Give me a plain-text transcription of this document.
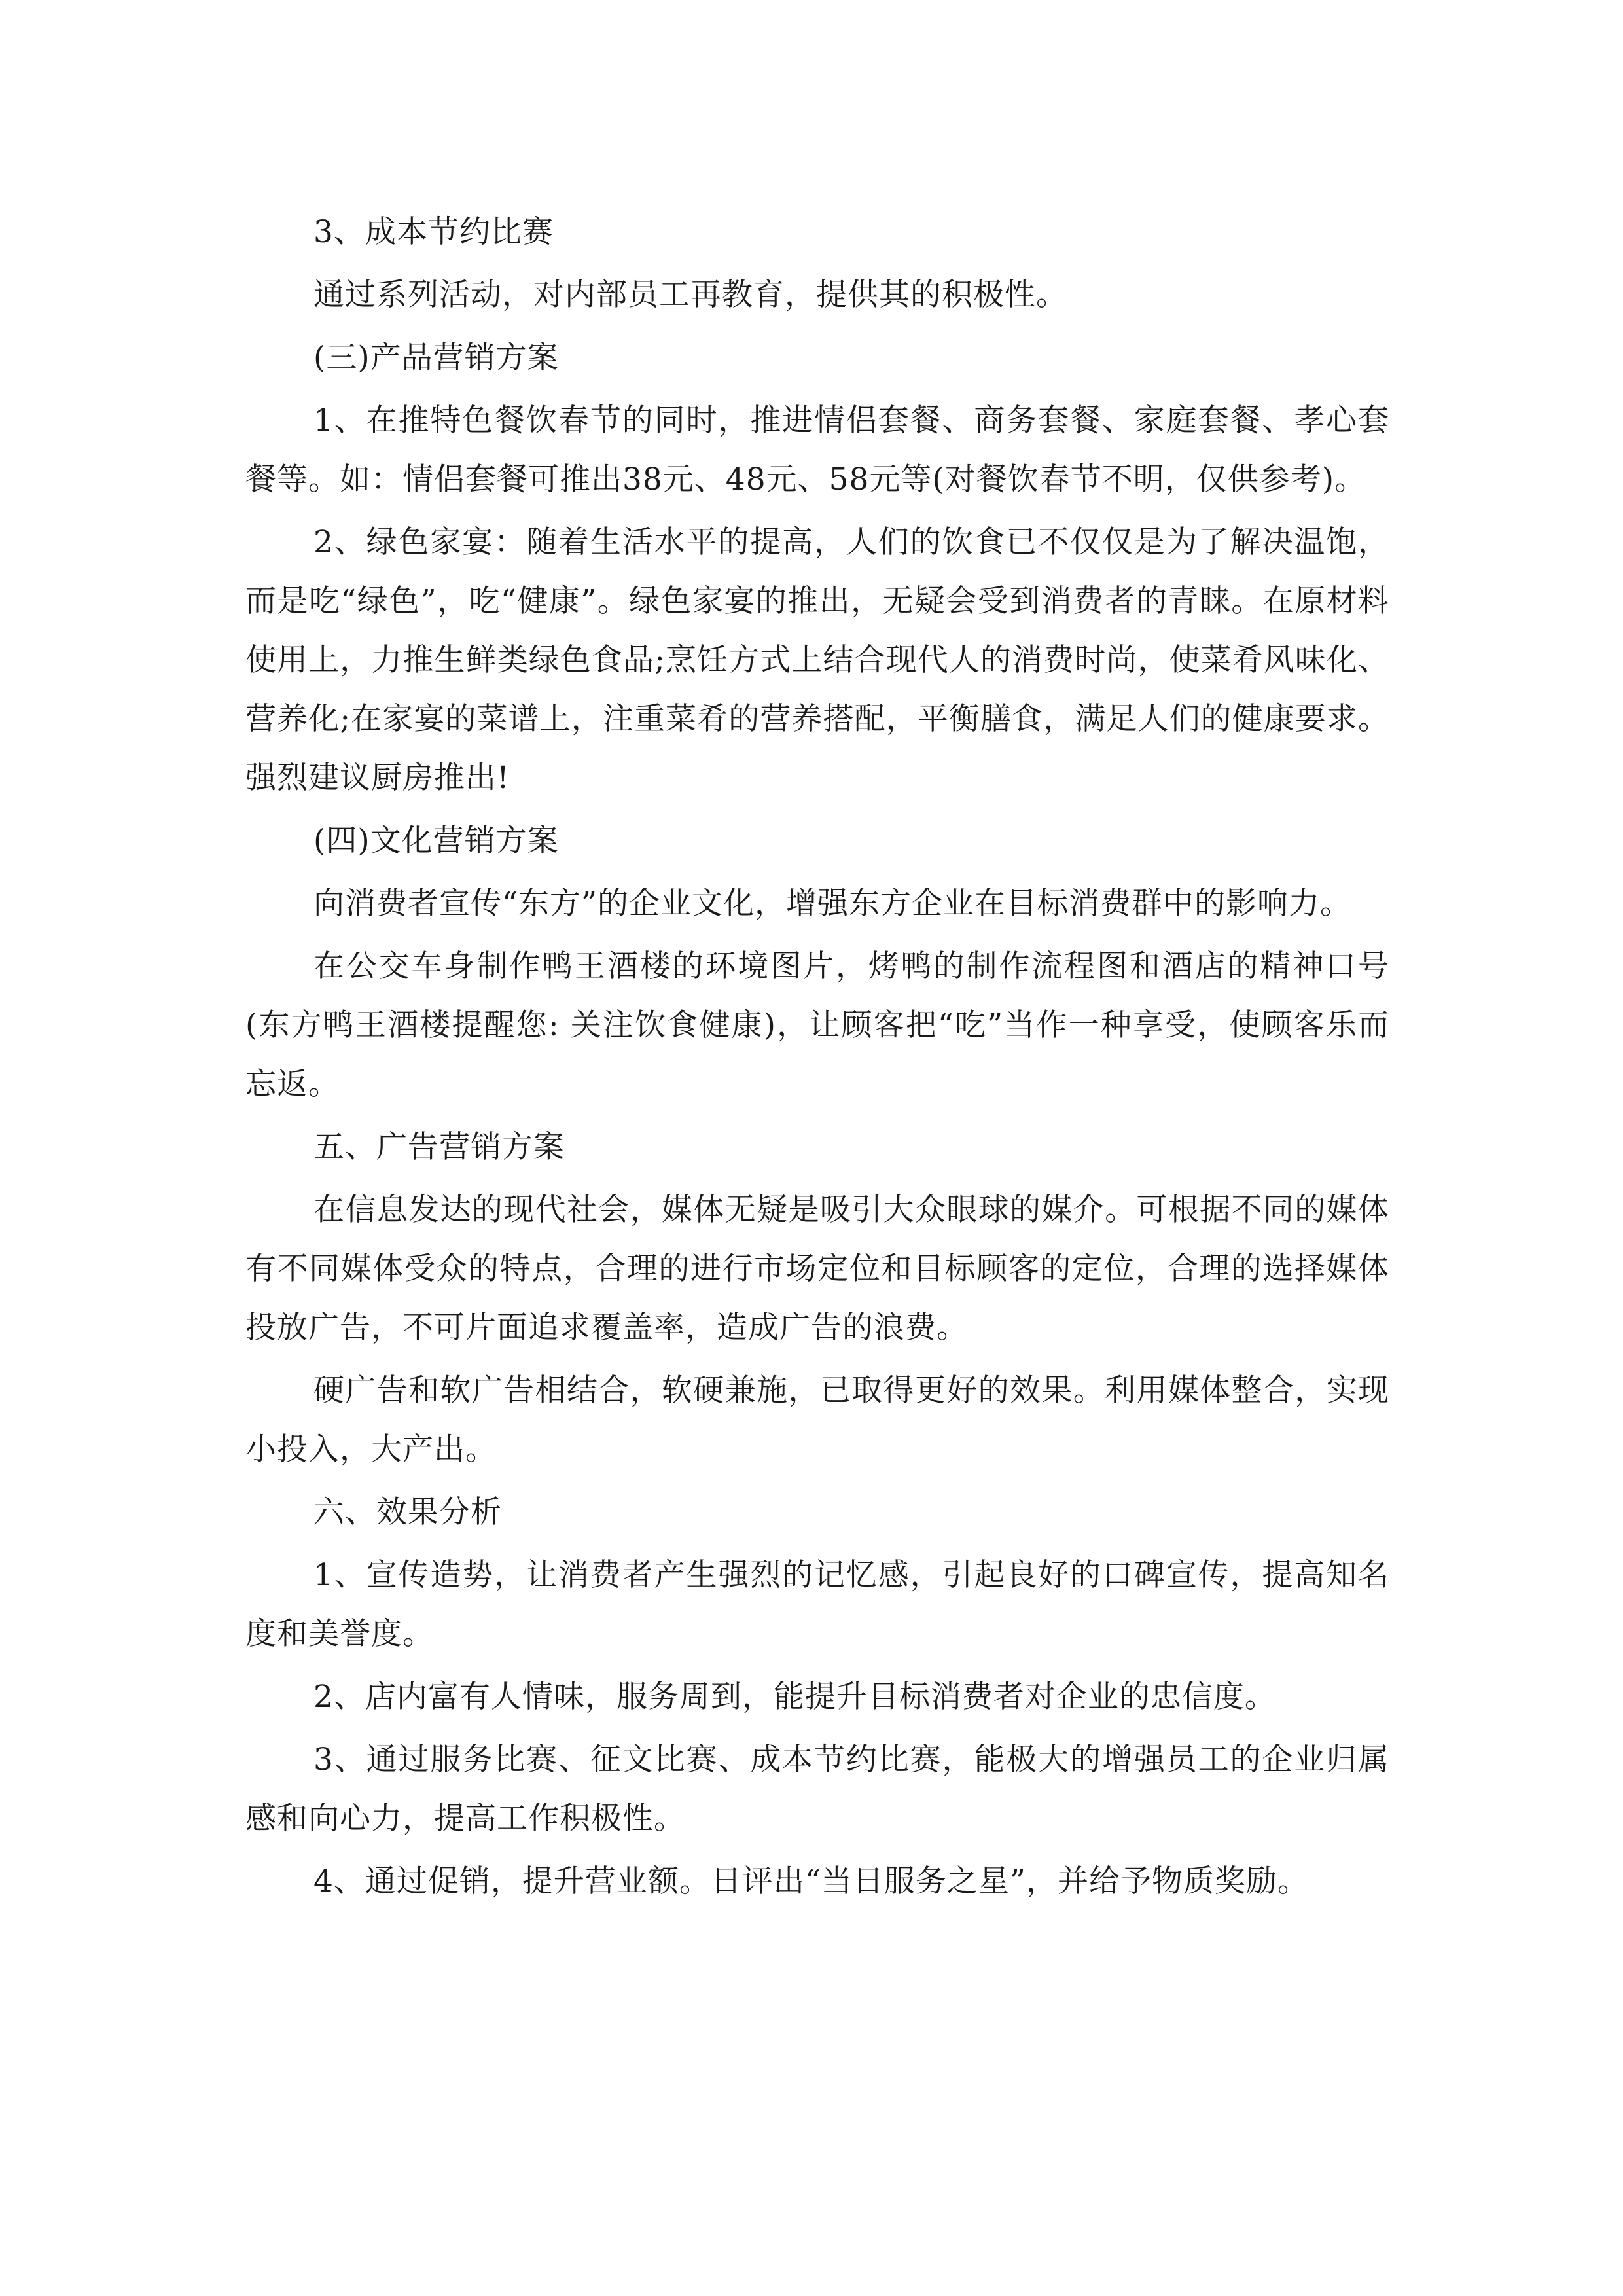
3、成本节约比赛

通过系列活动，对内部员工再教育，提供其的积极性。

(三)产品营销方案

1、在推特色餐饮春节的同时，推进情侣套餐、商务套餐、家庭套餐、孝心套餐等。如：情侣套餐可推出38元、48元、58元等(对餐饮春节不明，仅供参考)。

2、绿色家宴：随着生活水平的提高，人们的饮食已不仅仅是为了解决温饱，而是吃“绿色”，吃“健康”。绿色家宴的推出，无疑会受到消费者的青睐。在原材料使用上，力推生鲜类绿色食品;烹饪方式上结合现代人的消费时尚，使菜肴风味化、营养化;在家宴的菜谱上，注重菜肴的营养搭配，平衡膳食，满足人们的健康要求。强烈建议厨房推出!

(四)文化营销方案

向消费者宣传“东方”的企业文化，增强东方企业在目标消费群中的影响力。

在公交车身制作鸭王酒楼的环境图片，烤鸭的制作流程图和酒店的精神口号(东方鸭王酒楼提醒您: 关注饮食健康)，让顾客把“吃”当作一种享受，使顾客乐而忘返。

五、广告营销方案

在信息发达的现代社会，媒体无疑是吸引大众眼球的媒介。可根据不同的媒体有不同媒体受众的特点，合理的进行市场定位和目标顾客的定位，合理的选择媒体投放广告，不可片面追求覆盖率，造成广告的浪费。

硬广告和软广告相结合，软硬兼施，已取得更好的效果。利用媒体整合，实现小投入，大产出。

六、效果分析

1、宣传造势，让消费者产生强烈的记忆感，引起良好的口碑宣传，提高知名度和美誉度。

2、店内富有人情味，服务周到，能提升目标消费者对企业的忠信度。

3、通过服务比赛、征文比赛、成本节约比赛，能极大的增强员工的企业归属感和向心力，提高工作积极性。

4、通过促销，提升营业额。日评出“当日服务之星”，并给予物质奖励。
